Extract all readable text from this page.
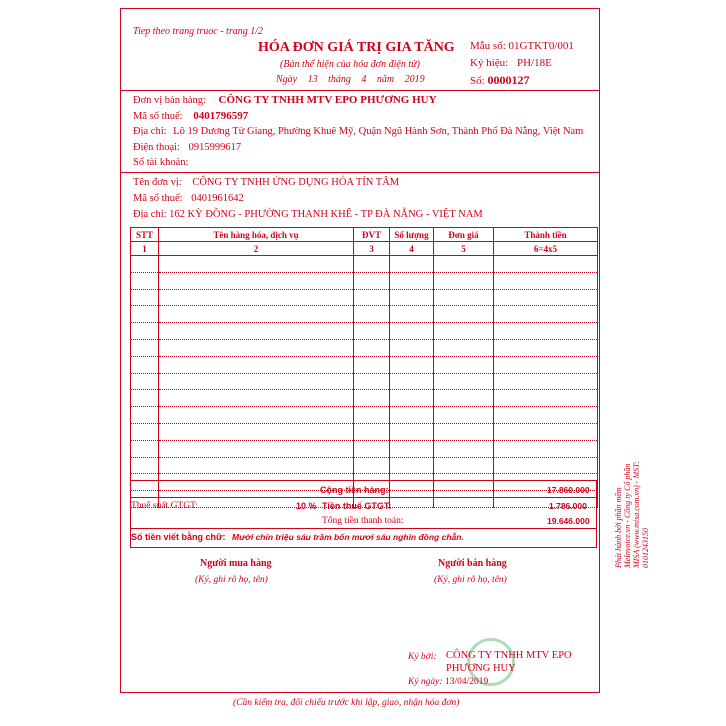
Tiep theo trang truoc - trang 1/2
HÓA ĐƠN GIÁ TRỊ GIA TĂNG
(Bản thể hiện của hóa đơn điện tử)
Ngày 13 tháng 4 năm 2019
Mẫu số: 01GTKT0/001
Ký hiệu: PH/18E
Số: 0000127
Đơn vị bán hàng: CÔNG TY TNHH MTV EPO PHƯƠNG HUY
Mã số thuế: 0401796597
Địa chỉ: Lô 19 Dương Tử Giang, Phường Khuê Mỹ, Quận Ngũ Hành Sơn, Thành Phố Đà Nẵng, Việt Nam
Điện thoại: 0915999617
Số tài khoản:
Tên đơn vị: CÔNG TY TNHH ỨNG DỤNG HÓA TÍN TÂM
Mã số thuế: 0401961642
Địa chỉ: 162 KỲ ĐỒNG - PHƯỜNG THANH KHÊ - TP ĐÀ NẴNG - VIỆT NAM
STT	Tên hàng hóa, dịch vụ	ĐVT	Số lượng	Đơn giá	Thành tiền
1	2	3	4	5	6=4x5

Cộng tiền hàng:	17.860.000
Thuế suất GTGT:	10 % Tiền thuế GTGT:	1.786.000
Tổng tiền thanh toán:	19.646.000
Số tiền viết bằng chữ: Mười chín triệu sáu trăm bốn mươi sáu nghìn đồng chẵn.
Người mua hàng
(Ký, ghi rõ họ, tên)
Người bán hàng
(Ký, ghi rõ họ, tên)
Ký bởi: CÔNG TY TNHH MTV EPO
PHƯƠNG HUY
Ký ngày: 13/04/2019
(Cần kiểm tra, đối chiếu trước khi lập, giao, nhận hóa đơn)
Phát hành bởi phần mềm MeInvoice.vn - Công ty Cổ phần MISA (www.misa.com.vn) - MST: 0101243150
